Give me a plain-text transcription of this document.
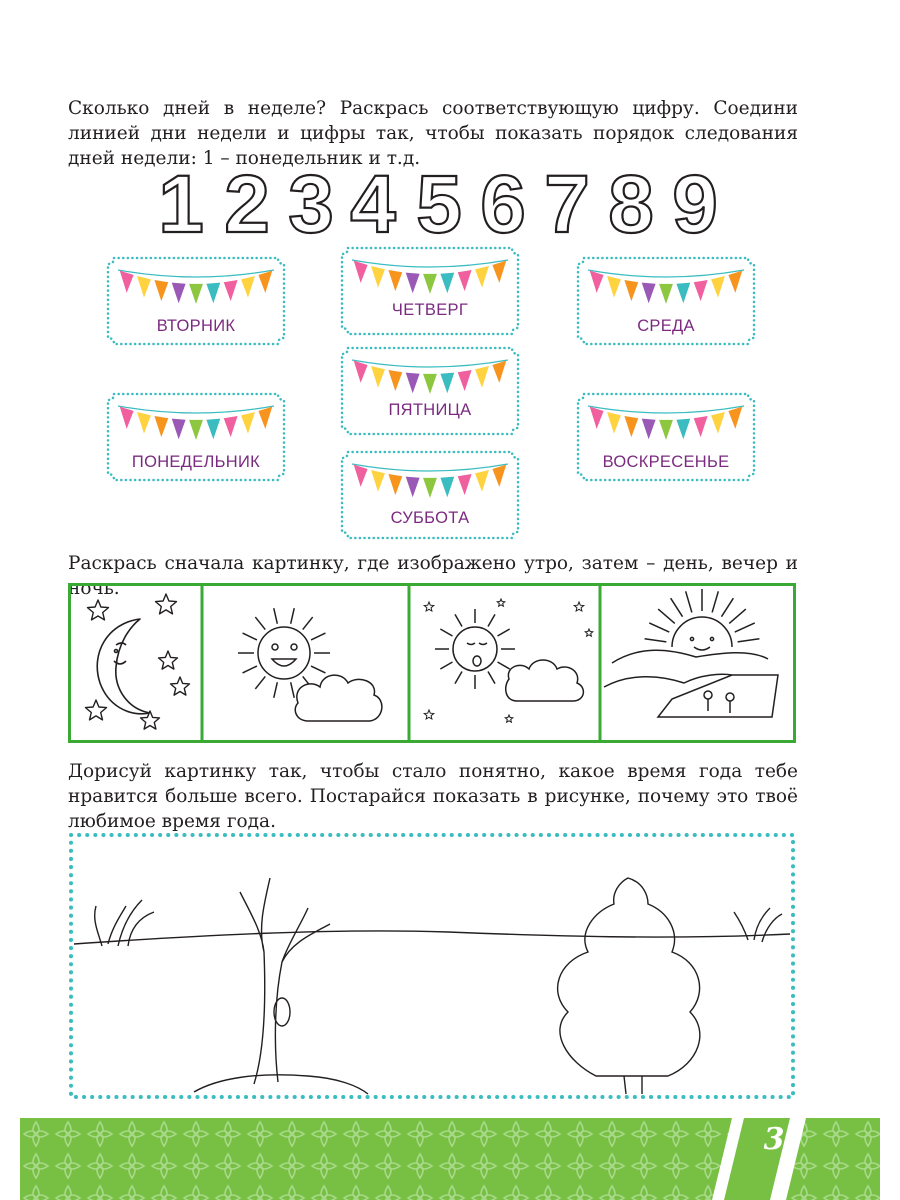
Сколько дней в неделе? Раскрась соответствующую цифру. Соедини линией дни недели и цифры так, чтобы показать порядок следования дней недели: 1 – понедельник и т.д.

1 2 3 4 5 6 7 8 9
ВТОРНИК
ЧЕТВЕРГ
СРЕДА
ПЯТНИЦА
ПОНЕДЕЛЬНИК	ВОСКРЕСЕНЬЕ
СУББОТА

Раскрась сначала картинку, где изображено утро, затем – день, вечер и ночь.

Дорисуй картинку так, чтобы стало понятно, какое время года тебе нравится больше всего. Постарайся показать в рисунке, почему это твоё любимое время года.

3
